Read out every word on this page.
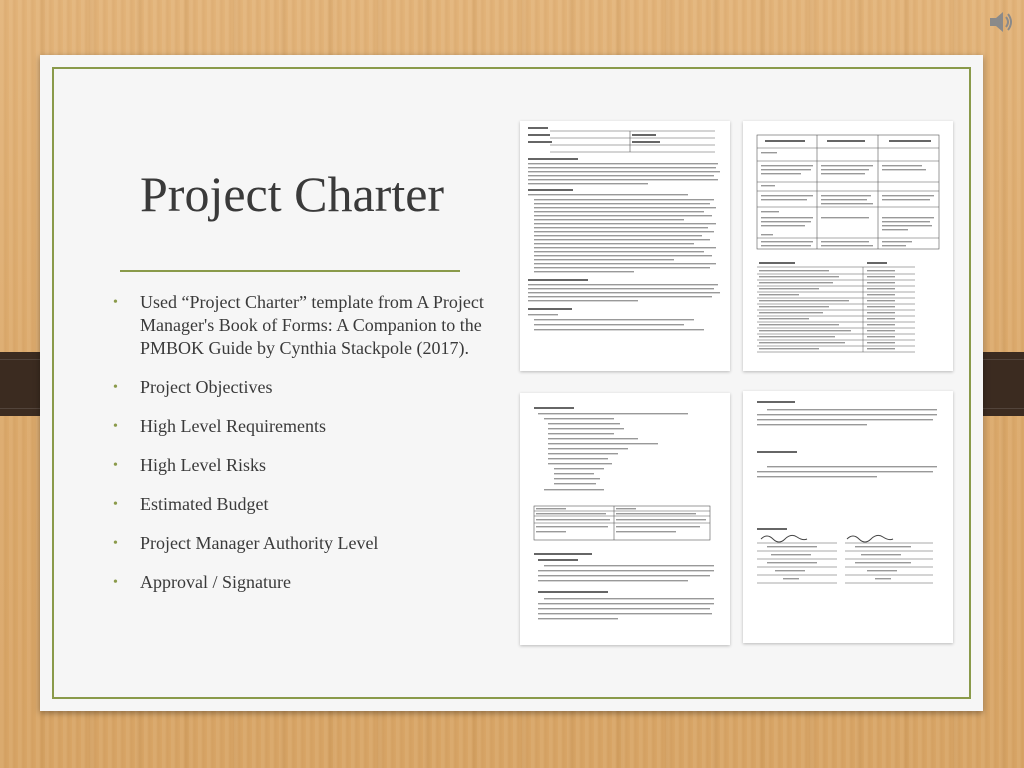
Project Charter
• Used “Project Charter” template from A Project Manager's Book of Forms: A Companion to the PMBOK Guide by Cynthia Stackpole (2017).
• Project Objectives
• High Level Requirements
• High Level Risks
• Estimated Budget
• Project Manager Authority Level
• Approval / Signature
